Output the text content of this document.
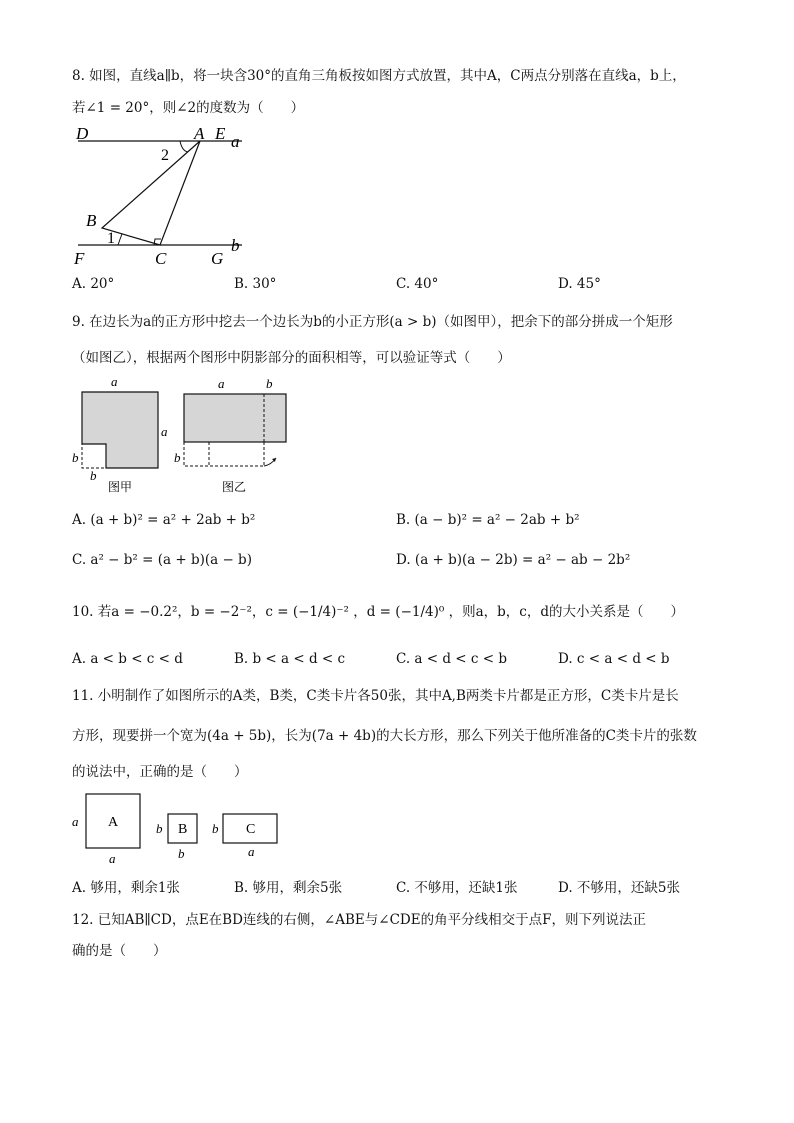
8. 如图，直线a∥b，将一块含30°的直角三角板按如图方式放置，其中A，C两点分别落在直线a，b上，
若∠1 = 20°，则∠2的度数为（　　）
D	A E a
2
B
1	b
F	C	G
A. 20°	B. 30°	C. 40°	D. 45°
9. 在边长为a的正方形中挖去一个边长为b的小正方形(a > b)（如图甲），把余下的部分拼成一个矩形
（如图乙），根据两个图形中阴影部分的面积相等，可以验证等式（　　）
a
a
b
b
图甲
a	b
b
图乙
A. (a + b)² = a² + 2ab + b²	B. (a − b)² = a² − 2ab + b²
C. a² − b² = (a + b)(a − b)	D. (a + b)(a − 2b) = a² − ab − 2b²
10. 若a = −0.2²，b = −2⁻²，c = (−1/4)⁻² ，d = (−1/4)⁰ ，则a，b，c，d的大小关系是（　　）
A. a < b < c < d	B. b < a < d < c	C. a < d < c < b	D. c < a < d < b
11. 小明制作了如图所示的A类，B类，C类卡片各50张，其中A,B两类卡片都是正方形，C类卡片是长
方形，现要拼一个宽为(4a + 5b)，长为(7a + 4b)的大长方形，那么下列关于他所准备的C类卡片的张数
的说法中，正确的是（　　）
A
a
a
B
b
b
C
b
a
A. 够用，剩余1张	B. 够用，剩余5张	C. 不够用，还缺1张	D. 不够用，还缺5张
12. 已知AB∥CD，点E在BD连线的右侧，∠ABE与∠CDE的角平分线相交于点F，则下列说法正
确的是（　　）
